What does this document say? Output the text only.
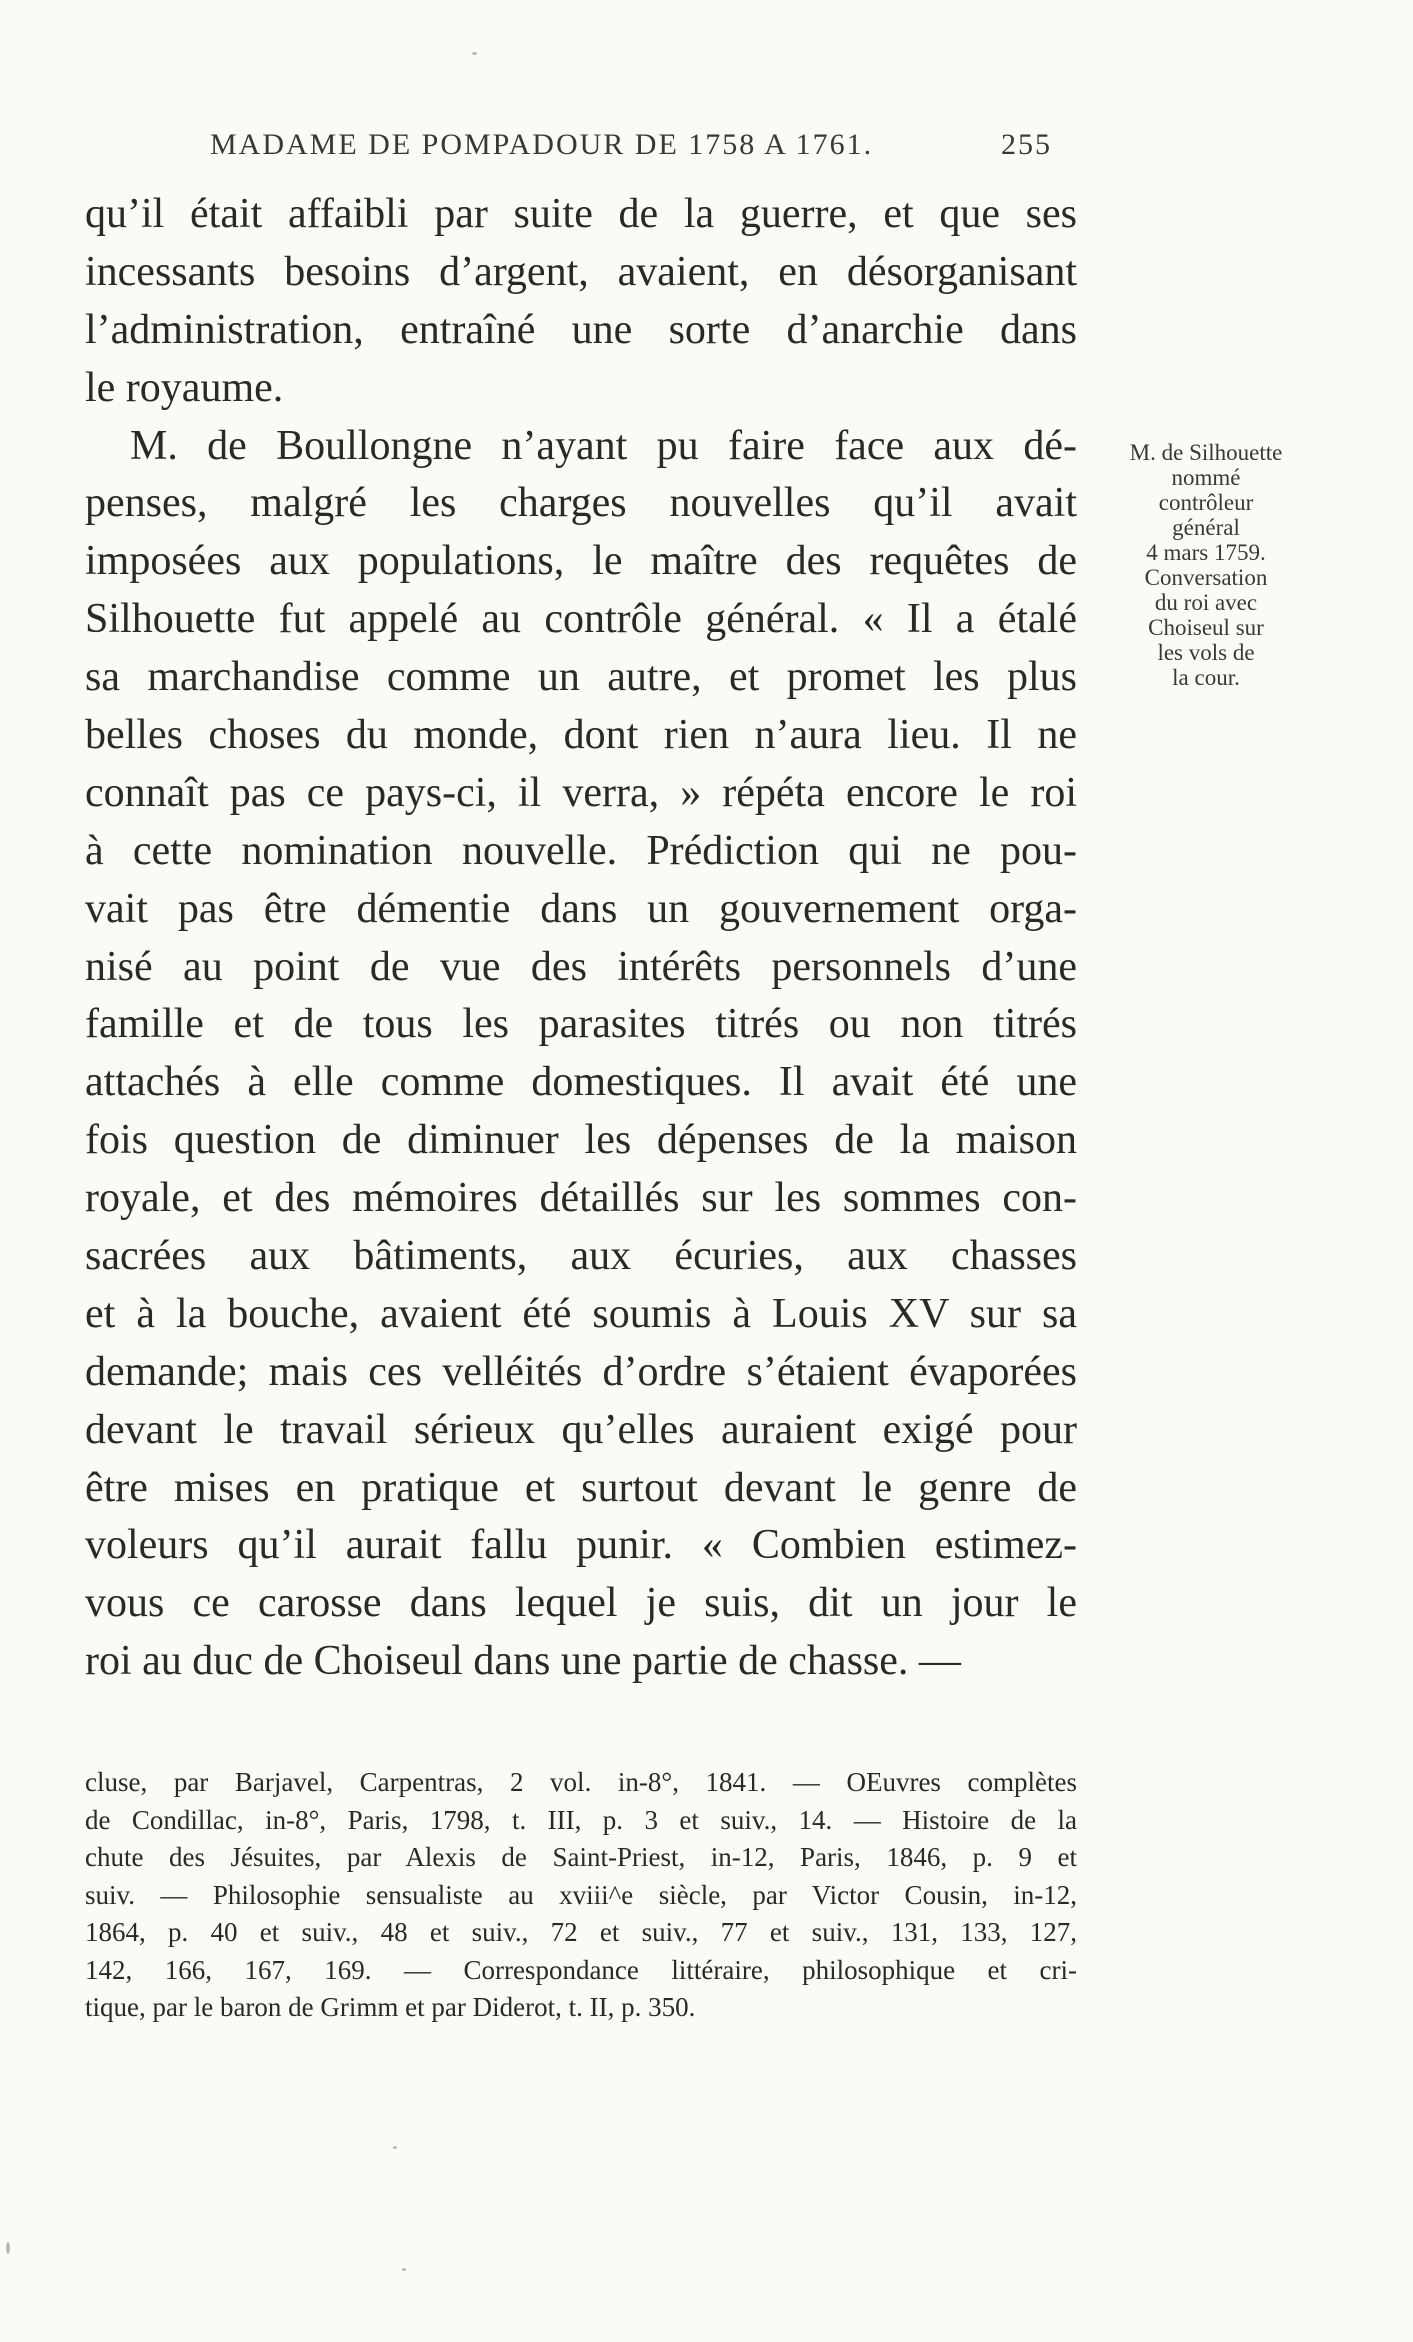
MADAME DE POMPADOUR DE 1758 A 1761.	255
qu’il était affaibli par suite de la guerre, et que ses
incessants besoins d’argent, avaient, en désorganisant
l’administration, entraîné une sorte d’anarchie dans
le royaume.
M. de Boullongne n’ayant pu faire face aux dé-
penses, malgré les charges nouvelles qu’il avait
imposées aux populations, le maître des requêtes de
Silhouette fut appelé au contrôle général. « Il a étalé
sa marchandise comme un autre, et promet les plus
belles choses du monde, dont rien n’aura lieu. Il ne
connaît pas ce pays-ci, il verra, » répéta encore le roi
à cette nomination nouvelle. Prédiction qui ne pou-
vait pas être démentie dans un gouvernement orga-
nisé au point de vue des intérêts personnels d’une
famille et de tous les parasites titrés ou non titrés
attachés à elle comme domestiques. Il avait été une
fois question de diminuer les dépenses de la maison
royale, et des mémoires détaillés sur les sommes con-
sacrées aux bâtiments, aux écuries, aux chasses
et à la bouche, avaient été soumis à Louis XV sur sa
demande; mais ces velléités d’ordre s’étaient évaporées
devant le travail sérieux qu’elles auraient exigé pour
être mises en pratique et surtout devant le genre de
voleurs qu’il aurait fallu punir. « Combien estimez-
vous ce carosse dans lequel je suis, dit un jour le
roi au duc de Choiseul dans une partie de chasse. —
M. de Silhouette
nommé
contrôleur
général
4 mars 1759.
Conversation
du roi avec
Choiseul sur
les vols de
la cour.
cluse, par Barjavel, Carpentras, 2 vol. in-8°, 1841. — OEuvres complètes
de Condillac, in-8°, Paris, 1798, t. III, p. 3 et suiv., 14. — Histoire de la
chute des Jésuites, par Alexis de Saint-Priest, in-12, Paris, 1846, p. 9 et
suiv. — Philosophie sensualiste au xviii^e siècle, par Victor Cousin, in-12,
1864, p. 40 et suiv., 48 et suiv., 72 et suiv., 77 et suiv., 131, 133, 127,
142, 166, 167, 169. — Correspondance littéraire, philosophique et cri-
tique, par le baron de Grimm et par Diderot, t. II, p. 350.
